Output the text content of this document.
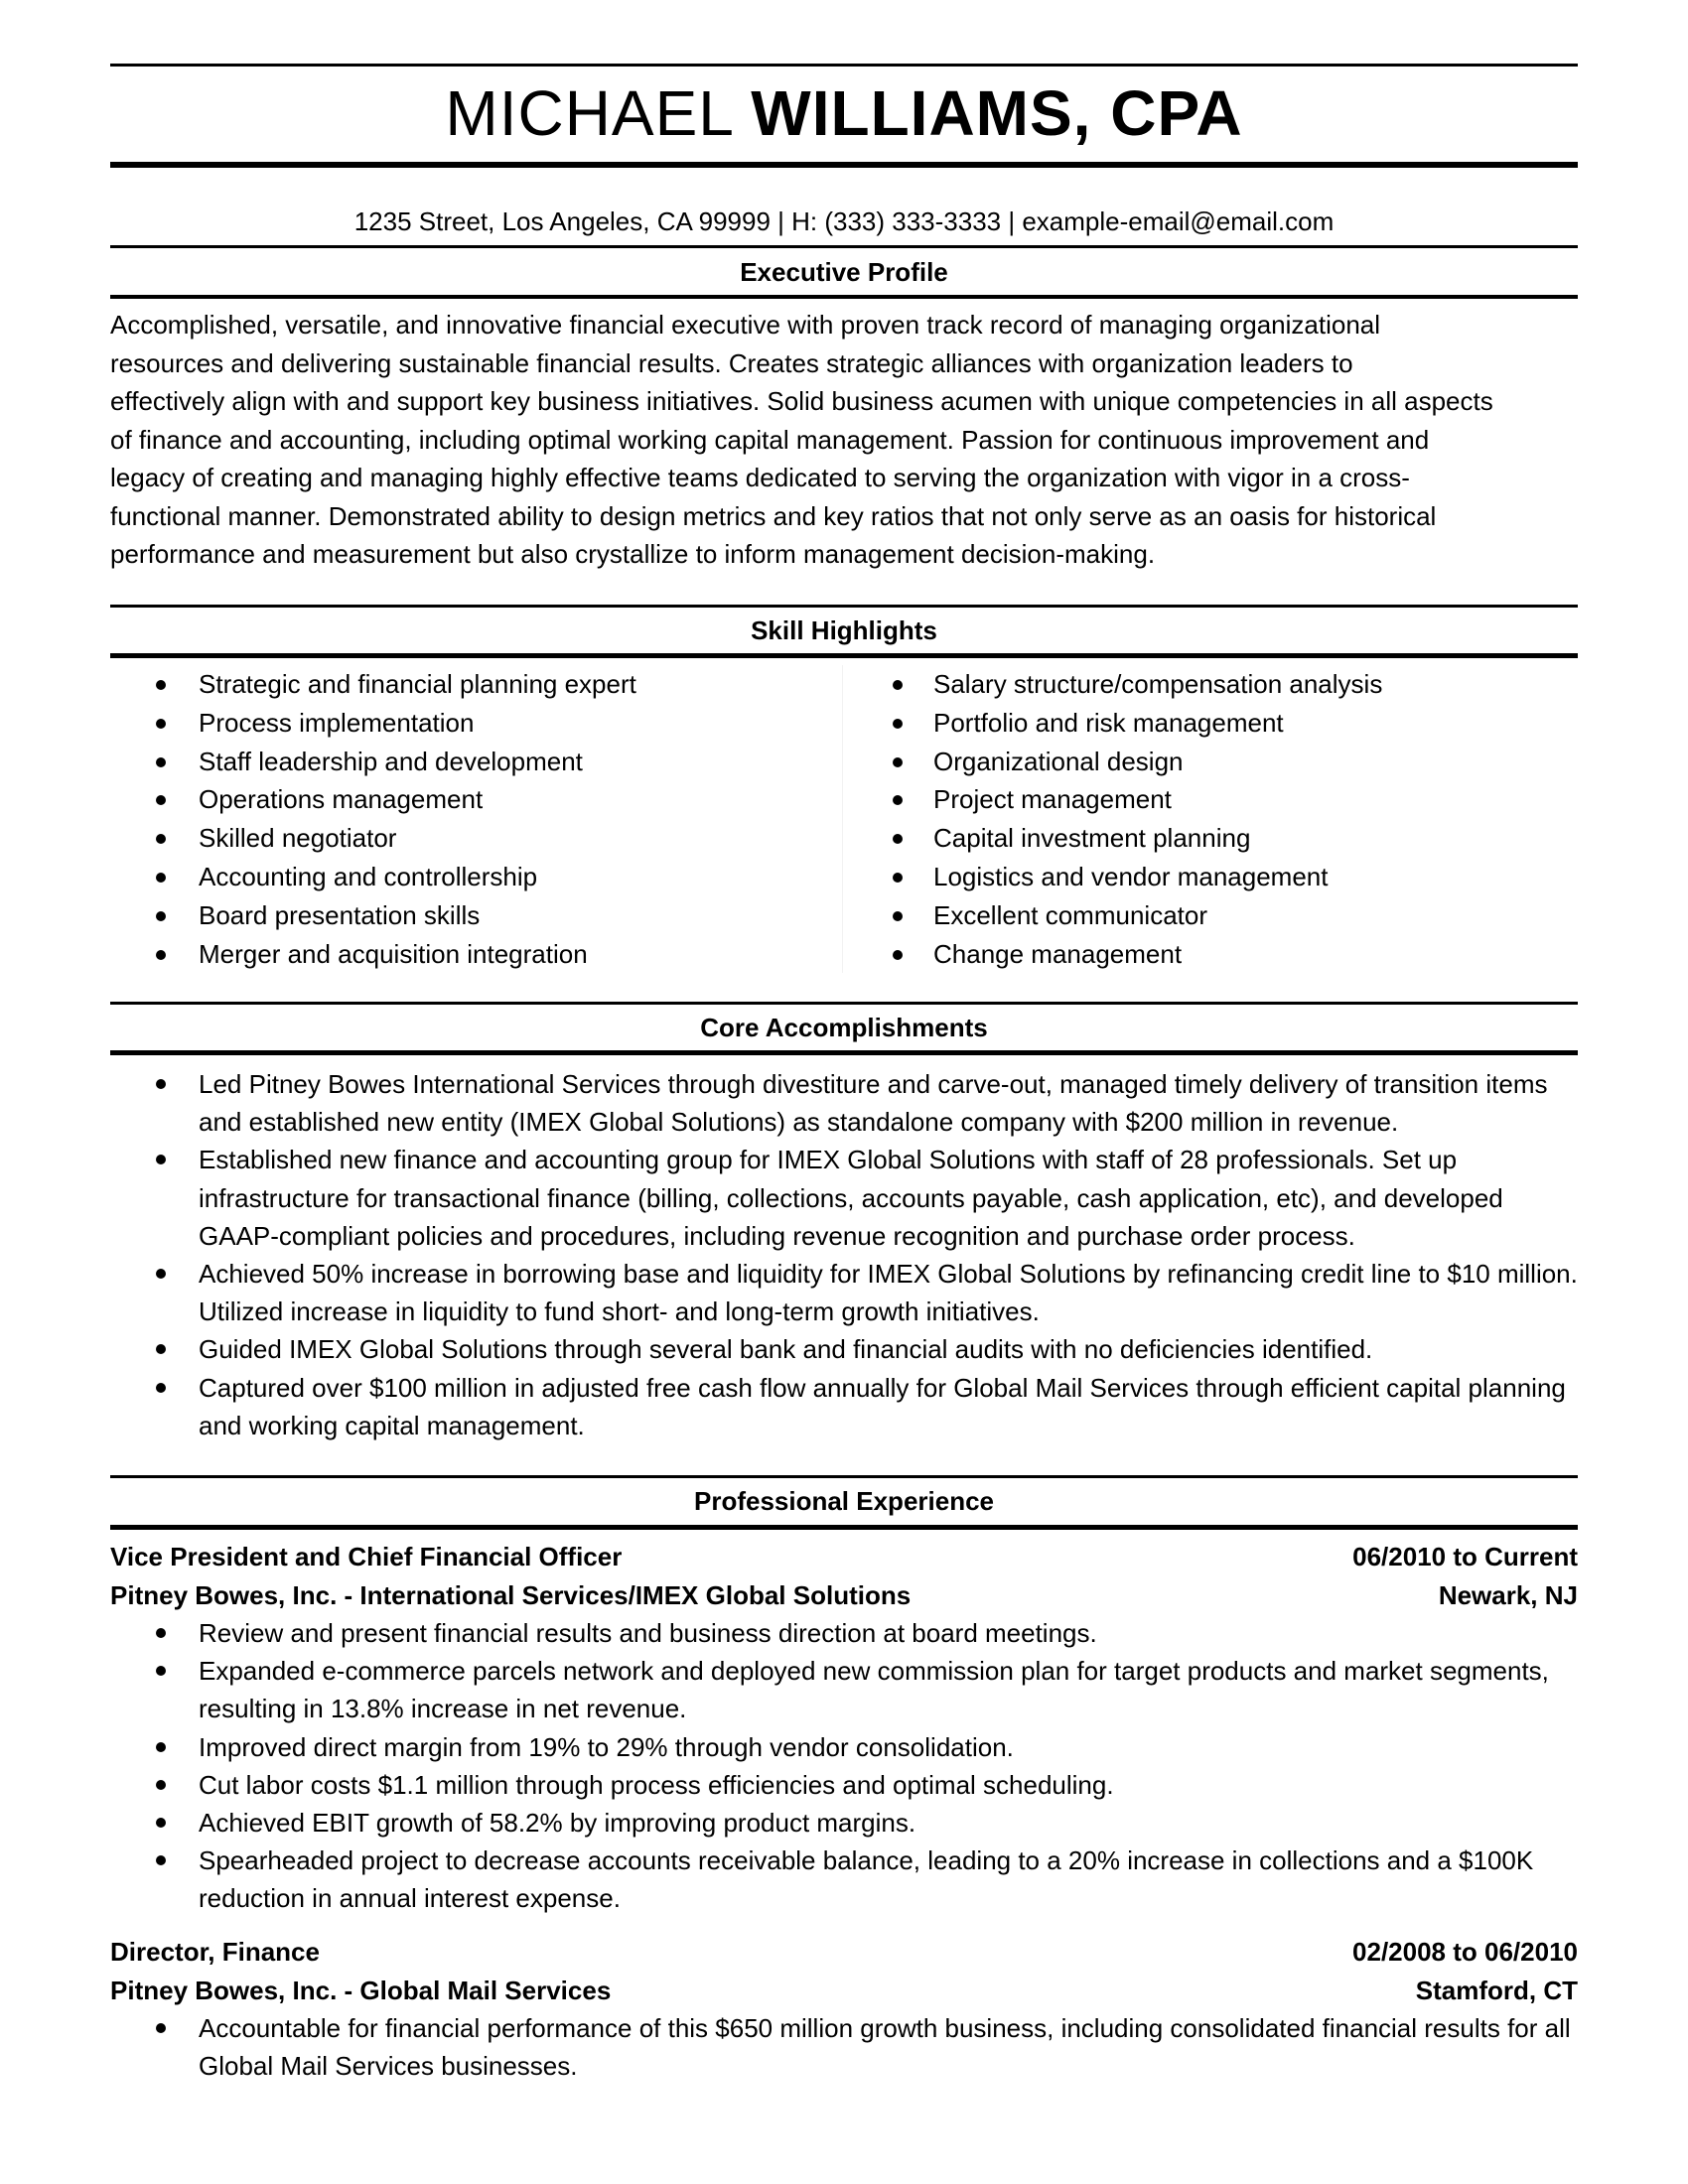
MICHAEL WILLIAMS, CPA
1235 Street, Los Angeles, CA 99999 | H: (333) 333-3333 | example-email@email.com
Executive Profile
Accomplished, versatile, and innovative financial executive with proven track record of managing organizational
resources and delivering sustainable financial results. Creates strategic alliances with organization leaders to
effectively align with and support key business initiatives. Solid business acumen with unique competencies in all aspects
of finance and accounting, including optimal working capital management. Passion for continuous improvement and
legacy of creating and managing highly effective teams dedicated to serving the organization with vigor in a cross-
functional manner. Demonstrated ability to design metrics and key ratios that not only serve as an oasis for historical
performance and measurement but also crystallize to inform management decision-making.
Skill Highlights
Strategic and financial planning expert
Process implementation
Staff leadership and development
Operations management
Skilled negotiator
Accounting and controllership
Board presentation skills
Merger and acquisition integration
Salary structure/compensation analysis
Portfolio and risk management
Organizational design
Project management
Capital investment planning
Logistics and vendor management
Excellent communicator
Change management
Core Accomplishments
Led Pitney Bowes International Services through divestiture and carve-out, managed timely delivery of transition items and established new entity (IMEX Global Solutions) as standalone company with $200 million in revenue.
Established new finance and accounting group for IMEX Global Solutions with staff of 28 professionals. Set up infrastructure for transactional finance (billing, collections, accounts payable, cash application, etc), and developed GAAP-compliant policies and procedures, including revenue recognition and purchase order process.
Achieved 50% increase in borrowing base and liquidity for IMEX Global Solutions by refinancing credit line to $10 million. Utilized increase in liquidity to fund short- and long-term growth initiatives.
Guided IMEX Global Solutions through several bank and financial audits with no deficiencies identified.
Captured over $100 million in adjusted free cash flow annually for Global Mail Services through efficient capital planning and working capital management.
Professional Experience
Vice President and Chief Financial Officer	06/2010 to Current
Pitney Bowes, Inc. - International Services/IMEX Global Solutions	Newark, NJ
Review and present financial results and business direction at board meetings.
Expanded e-commerce parcels network and deployed new commission plan for target products and market segments, resulting in 13.8% increase in net revenue.
Improved direct margin from 19% to 29% through vendor consolidation.
Cut labor costs $1.1 million through process efficiencies and optimal scheduling.
Achieved EBIT growth of 58.2% by improving product margins.
Spearheaded project to decrease accounts receivable balance, leading to a 20% increase in collections and a $100K reduction in annual interest expense.
Director, Finance	02/2008 to 06/2010
Pitney Bowes, Inc. - Global Mail Services	Stamford, CT
Accountable for financial performance of this $650 million growth business, including consolidated financial results for all Global Mail Services businesses.
